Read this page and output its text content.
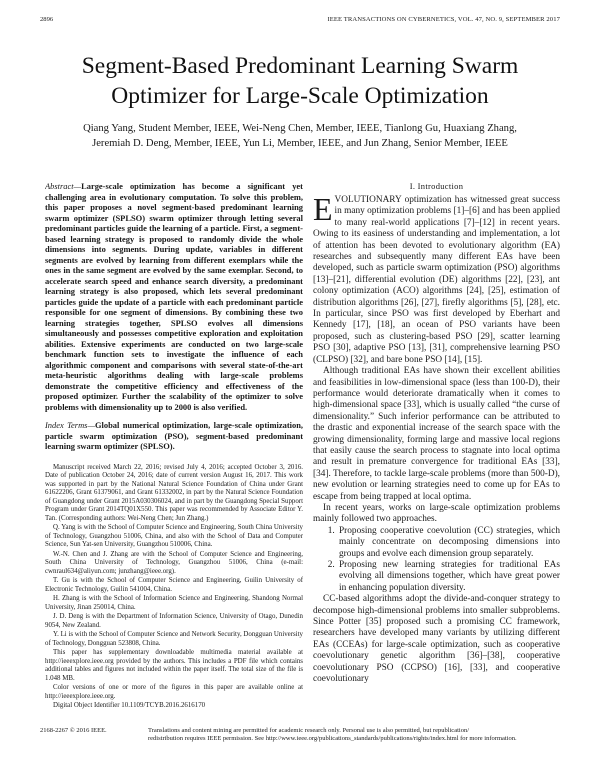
2896	IEEE TRANSACTIONS ON CYBERNETICS, VOL. 47, NO. 9, SEPTEMBER 2017
Segment-Based Predominant Learning Swarm
Optimizer for Large-Scale Optimization
Qiang Yang, Student Member, IEEE, Wei-Neng Chen, Member, IEEE, Tianlong Gu, Huaxiang Zhang,
Jeremiah D. Deng, Member, IEEE, Yun Li, Member, IEEE, and Jun Zhang, Senior Member, IEEE

Abstract—Large-scale optimization has become a significant yet challenging area in evolutionary computation. To solve this problem, this paper proposes a novel segment-based predominant learning swarm optimizer (SPLSO) swarm optimizer through letting several predominant particles guide the learning of a particle. First, a segment-based learning strategy is proposed to randomly divide the whole dimensions into segments. During update, variables in different segments are evolved by learning from different exemplars while the ones in the same segment are evolved by the same exemplar. Second, to accelerate search speed and enhance search diversity, a predominant learning strategy is also proposed, which lets several predominant particles guide the update of a particle with each predominant particle responsible for one segment of dimensions. By combining these two learning strategies together, SPLSO evolves all dimensions simultaneously and possesses competitive exploration and exploitation abilities. Extensive experiments are conducted on two large-scale benchmark function sets to investigate the influence of each algorithmic component and comparisons with several state-of-the-art meta-heuristic algorithms dealing with large-scale problems demonstrate the competitive efficiency and effectiveness of the proposed optimizer. Further the scalability of the optimizer to solve problems with dimensionality up to 2000 is also verified.

Index Terms—Global numerical optimization, large-scale optimization, particle swarm optimization (PSO), segment-based predominant learning swarm optimizer (SPLSO).

Manuscript received March 22, 2016; revised July 4, 2016; accepted October 3, 2016. Date of publication October 24, 2016; date of current version August 16, 2017. This work was supported in part by the National Natural Science Foundation of China under Grant 61622206, Grant 61379061, and Grant 61332002, in part by the Natural Science Foundation of Guangdong under Grant 2015A030306024, and in part by the Guangdong Special Support Program under Grant 2014TQ01X550. This paper was recommended by Associate Editor Y. Tan. (Corresponding authors: Wei-Neng Chen; Jun Zhang.)

Q. Yang is with the School of Computer Science and Engineering, South China University of Technology, Guangzhou 51006, China, and also with the School of Data and Computer Science, Sun Yat-sen University, Guangzhou 510006, China.

W.-N. Chen and J. Zhang are with the School of Computer Science and Engineering, South China University of Technology, Guangzhou 51006, China (e-mail: cwnraul634@aliyun.com; junzhang@ieee.org).

T. Gu is with the School of Computer Science and Engineering, Guilin University of Electronic Technology, Guilin 541004, China.

H. Zhang is with the School of Information Science and Engineering, Shandong Normal University, Jinan 250014, China.

J. D. Deng is with the Department of Information Science, University of Otago, Dunedin 9054, New Zealand.

Y. Li is with the School of Computer Science and Network Security, Dongguan University of Technology, Dongguan 523808, China.

This paper has supplementary downloadable multimedia material available at http://ieeexplore.ieee.org provided by the authors. This includes a PDF file which contains additional tables and figures not included within the paper itself. The total size of the file is 1.048 MB.

Color versions of one or more of the figures in this paper are available online at http://ieeexplore.ieee.org.

Digital Object Identifier 10.1109/TCYB.2016.2616170

I. Introduction

EVOLUTIONARY optimization has witnessed great success in many optimization problems [1]–[6] and has been applied to many real-world applications [7]–[12] in recent years. Owing to its easiness of understanding and implementation, a lot of attention has been devoted to evolutionary algorithm (EA) researches and subsequently many different EAs have been developed, such as particle swarm optimization (PSO) algorithms [13]–[21], differential evolution (DE) algorithms [22], [23], ant colony optimization (ACO) algorithms [24], [25], estimation of distribution algorithms [26], [27], firefly algorithms [5], [28], etc. In particular, since PSO was first developed by Eberhart and Kennedy [17], [18], an ocean of PSO variants have been proposed, such as clustering-based PSO [29], scatter learning PSO [30], adaptive PSO [13], [31], comprehensive learning PSO (CLPSO) [32], and bare bone PSO [14], [15].

Although traditional EAs have shown their excellent abilities and feasibilities in low-dimensional space (less than 100-D), their performance would deteriorate dramatically when it comes to high-dimensional space [33], which is usually called “the curse of dimensionality.” Such inferior performance can be attributed to the drastic and exponential increase of the search space with the growing dimensionality, forming large and massive local regions that easily cause the search process to stagnate into local optima and result in premature convergence for traditional EAs [33], [34]. Therefore, to tackle large-scale problems (more than 500-D), new evolution or learning strategies need to come up for EAs to escape from being trapped at local optima.

In recent years, works on large-scale optimization problems mainly followed two approaches.

1. Proposing cooperative coevolution (CC) strategies, which mainly concentrate on decomposing dimensions into groups and evolve each dimension group separately.
2. Proposing new learning strategies for traditional EAs evolving all dimensions together, which have great power in enhancing population diversity.

CC-based algorithms adopt the divide-and-conquer strategy to decompose high-dimensional problems into smaller subproblems. Since Potter [35] proposed such a promising CC framework, researchers have developed many variants by utilizing different EAs (CCEAs) for large-scale optimization, such as cooperative coevolutionary genetic algorithm [36]–[38], cooperative coevolutionary PSO (CCPSO) [16], [33], and cooperative coevolutionary

2168-2267 © 2016 IEEE.	Translations and content mining are permitted for academic research only. Personal use is also permitted, but republication/
redistribution requires IEEE permission. See http://www.ieee.org/publications_standards/publications/rights/index.html for more information.
